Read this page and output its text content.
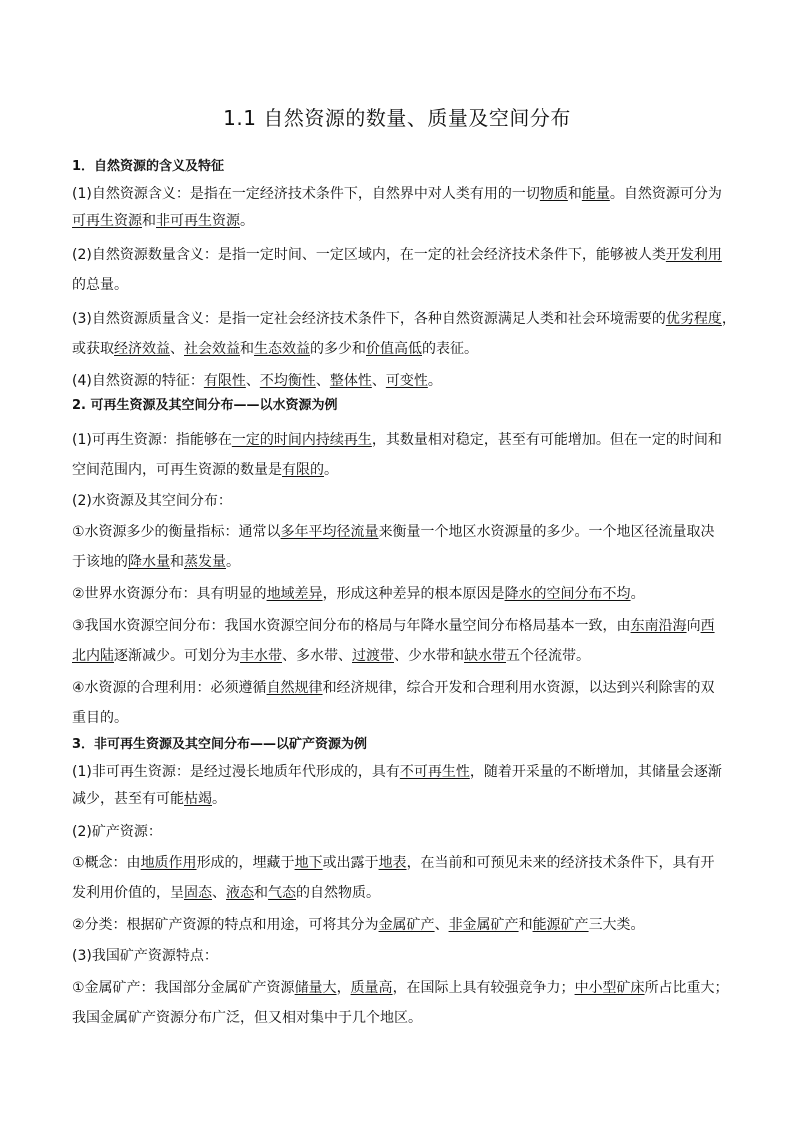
1.1 自然资源的数量、质量及空间分布
1．自然资源的含义及特征
(1)自然资源含义：是指在一定经济技术条件下，自然界中对人类有用的一切物质和能量。自然资源可分为
可再生资源和非可再生资源。
(2)自然资源数量含义：是指一定时间、一定区域内，在一定的社会经济技术条件下，能够被人类开发利用
的总量。
(3)自然资源质量含义：是指一定社会经济技术条件下，各种自然资源满足人类和社会环境需要的优劣程度，
或获取经济效益、社会效益和生态效益的多少和价值高低的表征。
(4)自然资源的特征：有限性、不均衡性、整体性、可变性。
2. 可再生资源及其空间分布——以水资源为例
(1)可再生资源：指能够在一定的时间内持续再生，其数量相对稳定，甚至有可能增加。但在一定的时间和
空间范围内，可再生资源的数量是有限的。
(2)水资源及其空间分布：
①水资源多少的衡量指标：通常以多年平均径流量来衡量一个地区水资源量的多少。一个地区径流量取决
于该地的降水量和蒸发量。
②世界水资源分布：具有明显的地域差异，形成这种差异的根本原因是降水的空间分布不均。
③我国水资源空间分布：我国水资源空间分布的格局与年降水量空间分布格局基本一致，由东南沿海向西
北内陆逐渐减少。可划分为丰水带、多水带、过渡带、少水带和缺水带五个径流带。
④水资源的合理利用：必须遵循自然规律和经济规律，综合开发和合理利用水资源，以达到兴利除害的双
重目的。
3．非可再生资源及其空间分布——以矿产资源为例
(1)非可再生资源：是经过漫长地质年代形成的，具有不可再生性，随着开采量的不断增加，其储量会逐渐
减少，甚至有可能枯竭。
(2)矿产资源：
①概念：由地质作用形成的，埋藏于地下或出露于地表，在当前和可预见未来的经济技术条件下，具有开
发利用价值的，呈固态、液态和气态的自然物质。
②分类：根据矿产资源的特点和用途，可将其分为金属矿产、非金属矿产和能源矿产三大类。
(3)我国矿产资源特点：
①金属矿产：我国部分金属矿产资源储量大，质量高，在国际上具有较强竞争力；中小型矿床所占比重大；
我国金属矿产资源分布广泛，但又相对集中于几个地区。
